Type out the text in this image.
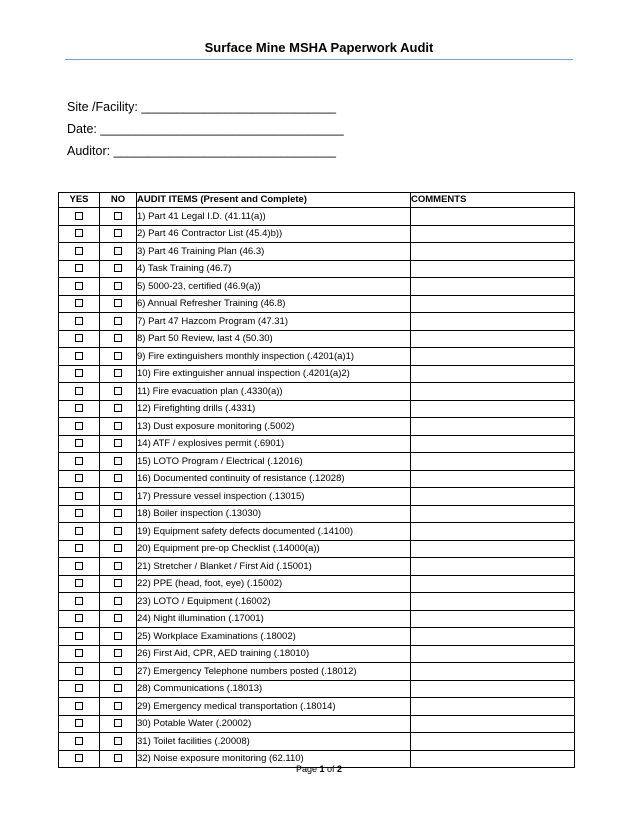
Surface Mine MSHA Paperwork Audit

Site /Facility: ____________________________

Date: ___________________________________

Auditor: ________________________________

YES	NO	AUDIT ITEMS (Present and Complete)	COMMENTS
		1) Part 41 Legal I.D. (41.11(a))	
		2) Part 46 Contractor List (45.4)b))	
		3) Part 46 Training Plan (46.3)	
		4) Task Training (46.7)	
		5) 5000-23, certified (46.9(a))	
		6) Annual Refresher Training (46.8)	
		7) Part 47 Hazcom Program (47.31)	
		8) Part 50 Review, last 4 (50.30)	
		9) Fire extinguishers monthly inspection (.4201(a)1)	
		10) Fire extinguisher annual inspection (.4201(a)2)	
		11) Fire evacuation plan (.4330(a))	
		12) Firefighting drills (.4331)	
		13) Dust exposure monitoring (.5002)	
		14) ATF / explosives permit (.6901)	
		15) LOTO Program / Electrical (.12016)	
		16) Documented continuity of resistance (.12028)	
		17) Pressure vessel inspection (.13015)	
		18) Boiler inspection (.13030)	
		19) Equipment safety defects documented (.14100)	
		20) Equipment pre-op Checklist (.14000(a))	
		21) Stretcher / Blanket / First Aid (.15001)	
		22) PPE (head, foot, eye) (.15002)	
		23) LOTO / Equipment (.16002)	
		24) Night illumination (.17001)	
		25) Workplace Examinations (.18002)	
		26) First Aid, CPR, AED training (.18010)	
		27) Emergency Telephone numbers posted (.18012)	
		28) Communications (.18013)	
		29) Emergency medical transportation (.18014)	
		30) Potable Water (.20002)	
		31) Toilet facilities (.20008)	
		32) Noise exposure monitoring (62.110)	

Page 1 of 2
